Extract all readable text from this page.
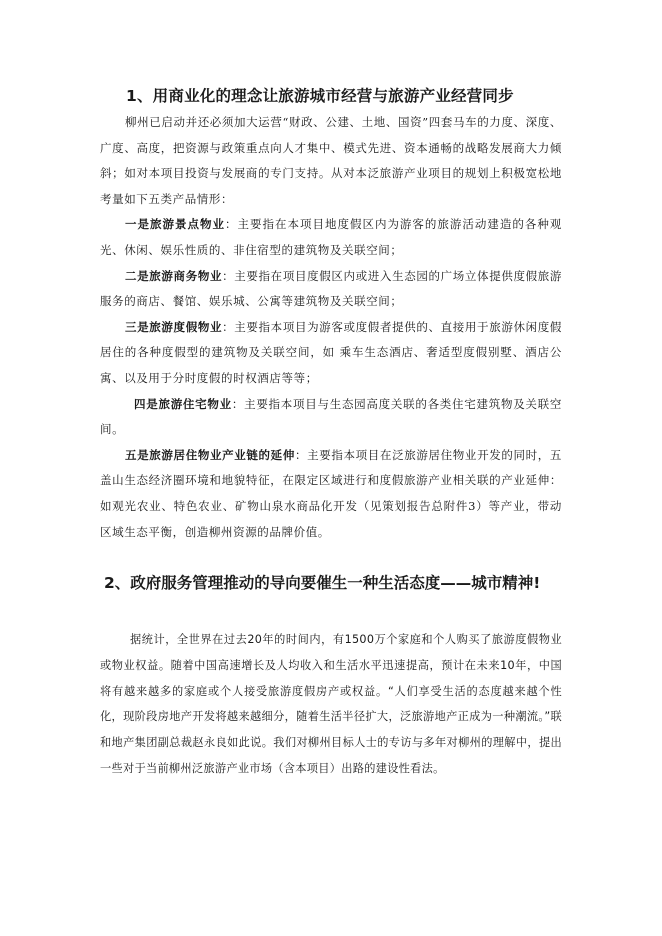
1、用商业化的理念让旅游城市经营与旅游产业经营同步

柳州已启动并还必须加大运营“财政、公建、土地、国资”四套马车的力度、深度、广度、高度，把资源与政策重点向人才集中、模式先进、资本通畅的战略发展商大力倾斜；如对本项目投资与发展商的专门支持。从对本泛旅游产业项目的规划上积极宽松地考量如下五类产品情形：

一是旅游景点物业：主要指在本项目地度假区内为游客的旅游活动建造的各种观光、休闲、娱乐性质的、非住宿型的建筑物及关联空间；

二是旅游商务物业：主要指在项目度假区内或进入生态园的广场立体提供度假旅游服务的商店、餐馆、娱乐城、公寓等建筑物及关联空间；

三是旅游度假物业：主要指本项目为游客或度假者提供的、直接用于旅游休闲度假居住的各种度假型的建筑物及关联空间，如 乘车生态酒店、奢适型度假别墅、酒店公寓、以及用于分时度假的时权酒店等等；

四是旅游住宅物业：主要指本项目与生态园高度关联的各类住宅建筑物及关联空间。

五是旅游居住物业产业链的延伸：主要指本项目在泛旅游居住物业开发的同时，五盖山生态经济圈环境和地貌特征，在限定区域进行和度假旅游产业相关联的产业延伸：如观光农业、特色农业、矿物山泉水商品化开发（见策划报告总附件3）等产业，带动区域生态平衡，创造柳州资源的品牌价值。

2、政府服务管理推动的导向要催生一种生活态度——城市精神!

据统计，全世界在过去20年的时间内，有1500万个家庭和个人购买了旅游度假物业或物业权益。随着中国高速增长及人均收入和生活水平迅速提高，预计在未来10年，中国将有越来越多的家庭或个人接受旅游度假房产或权益。“人们享受生活的态度越来越个性化，现阶段房地产开发将越来越细分，随着生活半径扩大，泛旅游地产正成为一种潮流。”联和地产集团副总裁赵永良如此说。我们对柳州目标人士的专访与多年对柳州的理解中，提出一些对于当前柳州泛旅游产业市场（含本项目）出路的建设性看法。
